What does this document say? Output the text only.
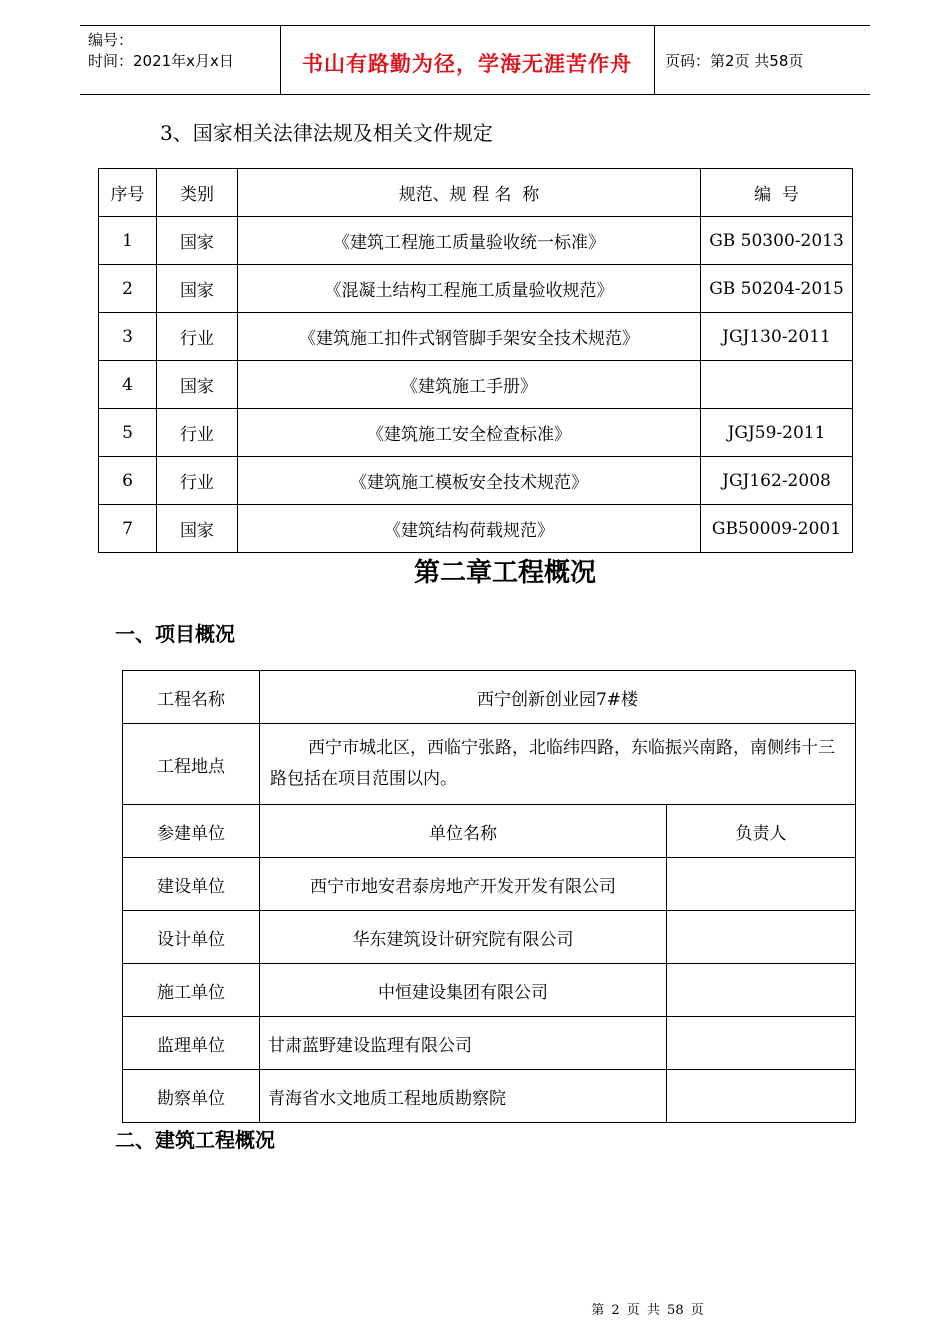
编号：
时间：2021年x月x日	书山有路勤为径，学海无涯苦作舟	页码：第2页 共58页
3、国家相关法律法规及相关文件规定
序号	类别	规范、规 程 名  称	编  号
1	国家	《建筑工程施工质量验收统一标准》	GB 50300-2013
2	国家	《混凝土结构工程施工质量验收规范》	GB 50204-2015
3	行业	《建筑施工扣件式钢管脚手架安全技术规范》	JGJ130-2011
4	国家	《建筑施工手册》	
5	行业	《建筑施工安全检查标准》	JGJ59-2011
6	行业	《建筑施工模板安全技术规范》	JGJ162-2008
7	国家	《建筑结构荷载规范》	GB50009-2001
第二章工程概况
一、项目概况
工程名称	西宁创新创业园7#楼	
工程地点	西宁市城北区，西临宁张路，北临纬四路，东临振兴南路，南侧纬十三路包括在项目范围以内。	
参建单位	单位名称	负责人
建设单位	西宁市地安君泰房地产开发开发有限公司	
设计单位	华东建筑设计研究院有限公司	
施工单位	中恒建设集团有限公司	
监理单位	甘肃蓝野建设监理有限公司	
勘察单位	青海省水文地质工程地质勘察院	
二、建筑工程概况
第 2 页 共 58 页
